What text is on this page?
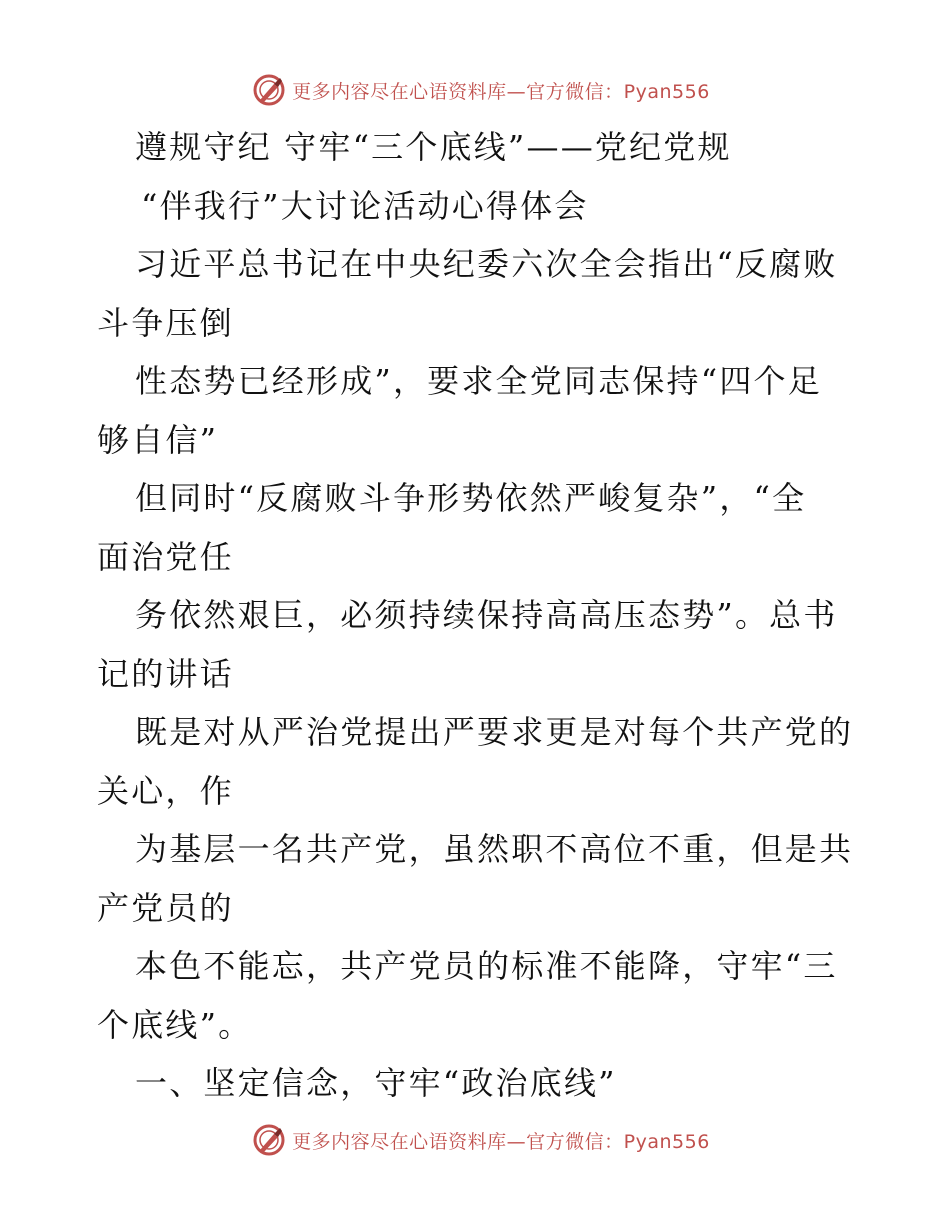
更多内容尽在心语资料库—官方微信：Pyan556
遵规守纪 守牢“三个底线”——党纪党规
“伴我行”大讨论活动心得体会
习近平总书记在中央纪委六次全会指出“反腐败
斗争压倒
性态势已经形成”，要求全党同志保持“四个足
够自信”
但同时“反腐败斗争形势依然严峻复杂”，“全
面治党任
务依然艰巨，必须持续保持高高压态势”。总书
记的讲话
既是对从严治党提出严要求更是对每个共产党的
关心，作
为基层一名共产党，虽然职不高位不重，但是共
产党员的
本色不能忘，共产党员的标准不能降，守牢“三
个底线”。
一、坚定信念，守牢“政治底线”
更多内容尽在心语资料库—官方微信：Pyan556
